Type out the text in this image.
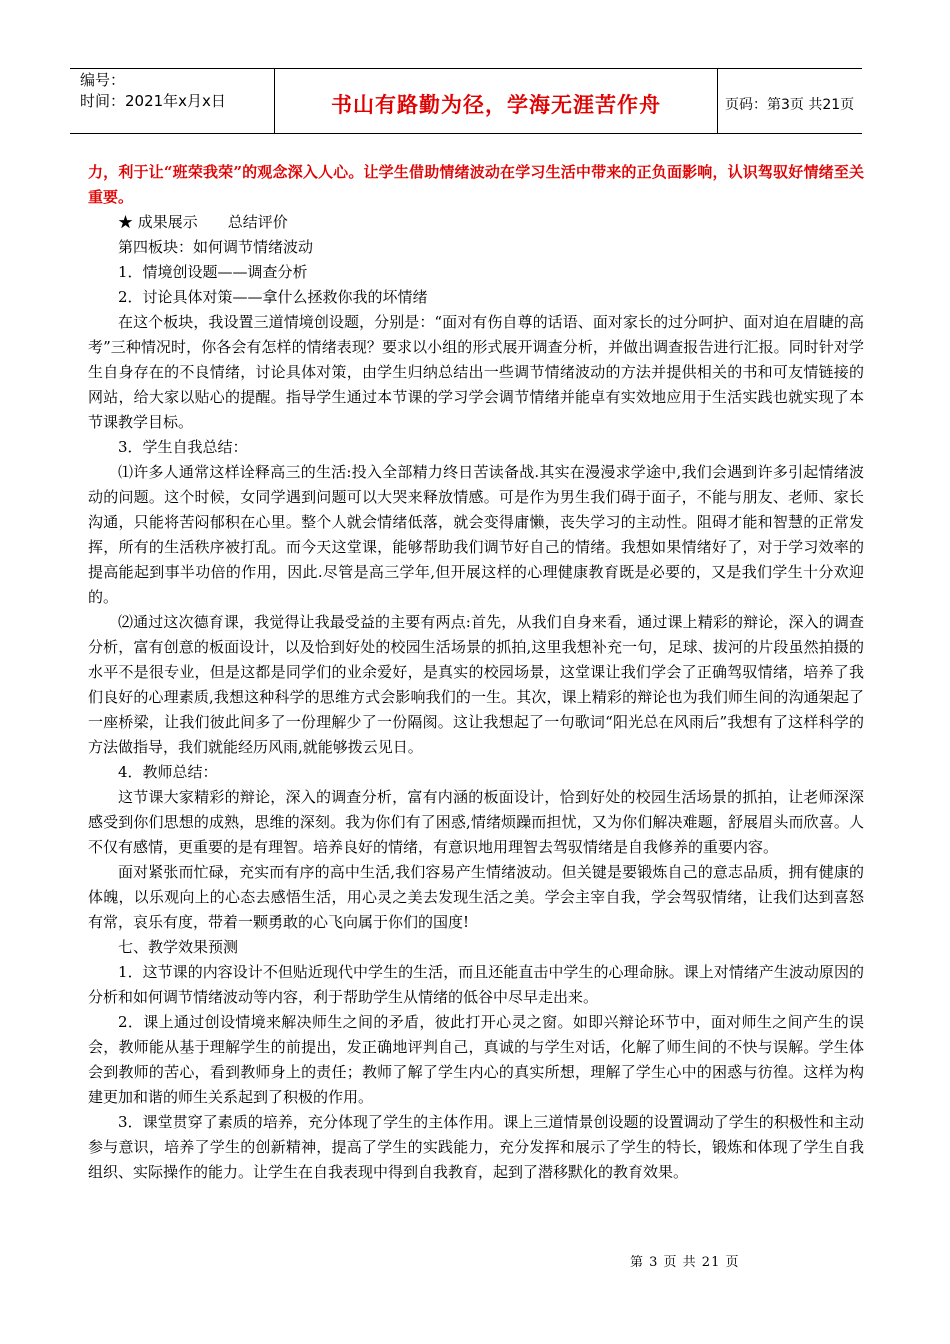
编号：
时间：2021年x月x日	书山有路勤为径，学海无涯苦作舟	页码：第3页 共21页

力，利于让“班荣我荣”的观念深入人心。让学生借助情绪波动在学习生活中带来的正负面影响，认识驾驭好情绪至关重要。

★ 成果展示　　总结评价

第四板块：如何调节情绪波动

1．情境创设题——调查分析

2．讨论具体对策——拿什么拯救你我的坏情绪

在这个板块，我设置三道情境创设题，分别是：“面对有伤自尊的话语、面对家长的过分呵护、面对迫在眉睫的高考”三种情况时，你各会有怎样的情绪表现？要求以小组的形式展开调查分析，并做出调查报告进行汇报。同时针对学生自身存在的不良情绪，讨论具体对策，由学生归纳总结出一些调节情绪波动的方法并提供相关的书和可友情链接的网站，给大家以贴心的提醒。指导学生通过本节课的学习学会调节情绪并能卓有实效地应用于生活实践也就实现了本节课教学目标。

3．学生自我总结：

⑴许多人通常这样诠释高三的生活:投入全部精力终日苦读备战.其实在漫漫求学途中,我们会遇到许多引起情绪波动的问题。这个时候，女同学遇到问题可以大哭来释放情感。可是作为男生我们碍于面子，不能与朋友、老师、家长沟通，只能将苦闷郁积在心里。整个人就会情绪低落，就会变得庸懒，丧失学习的主动性。阻碍才能和智慧的正常发挥，所有的生活秩序被打乱。而今天这堂课，能够帮助我们调节好自己的情绪。我想如果情绪好了，对于学习效率的提高能起到事半功倍的作用，因此.尽管是高三学年,但开展这样的心理健康教育既是必要的，又是我们学生十分欢迎的。

⑵通过这次德育课，我觉得让我最受益的主要有两点:首先，从我们自身来看，通过课上精彩的辩论，深入的调查分析，富有创意的板面设计，以及恰到好处的校园生活场景的抓拍,这里我想补充一句，足球、拔河的片段虽然拍摄的水平不是很专业，但是这都是同学们的业余爱好，是真实的校园场景，这堂课让我们学会了正确驾驭情绪，培养了我们良好的心理素质,我想这种科学的思维方式会影响我们的一生。其次，课上精彩的辩论也为我们师生间的沟通架起了一座桥梁，让我们彼此间多了一份理解少了一份隔阂。这让我想起了一句歌词“阳光总在风雨后”我想有了这样科学的方法做指导，我们就能经历风雨,就能够拨云见日。

4．教师总结：

这节课大家精彩的辩论，深入的调查分析，富有内涵的板面设计，恰到好处的校园生活场景的抓拍，让老师深深感受到你们思想的成熟，思维的深刻。我为你们有了困惑,情绪烦躁而担忧，又为你们解决难题，舒展眉头而欣喜。人不仅有感情，更重要的是有理智。培养良好的情绪，有意识地用理智去驾驭情绪是自我修养的重要内容。

面对紧张而忙碌，充实而有序的高中生活,我们容易产生情绪波动。但关键是要锻炼自己的意志品质，拥有健康的体魄，以乐观向上的心态去感悟生活，用心灵之美去发现生活之美。学会主宰自我，学会驾驭情绪，让我们达到喜怒有常，哀乐有度，带着一颗勇敢的心飞向属于你们的国度!

七、教学效果预测

1．这节课的内容设计不但贴近现代中学生的生活，而且还能直击中学生的心理命脉。课上对情绪产生波动原因的分析和如何调节情绪波动等内容，利于帮助学生从情绪的低谷中尽早走出来。

2．课上通过创设情境来解决师生之间的矛盾，彼此打开心灵之窗。如即兴辩论环节中，面对师生之间产生的误会，教师能从基于理解学生的前提出，发正确地评判自己，真诚的与学生对话，化解了师生间的不快与误解。学生体会到教师的苦心，看到教师身上的责任；教师了解了学生内心的真实所想，理解了学生心中的困惑与彷徨。这样为构建更加和谐的师生关系起到了积极的作用。

3．课堂贯穿了素质的培养，充分体现了学生的主体作用。课上三道情景创设题的设置调动了学生的积极性和主动参与意识，培养了学生的创新精神，提高了学生的实践能力，充分发挥和展示了学生的特长，锻炼和体现了学生自我组织、实际操作的能力。让学生在自我表现中得到自我教育，起到了潜移默化的教育效果。

第 3 页 共 21 页
